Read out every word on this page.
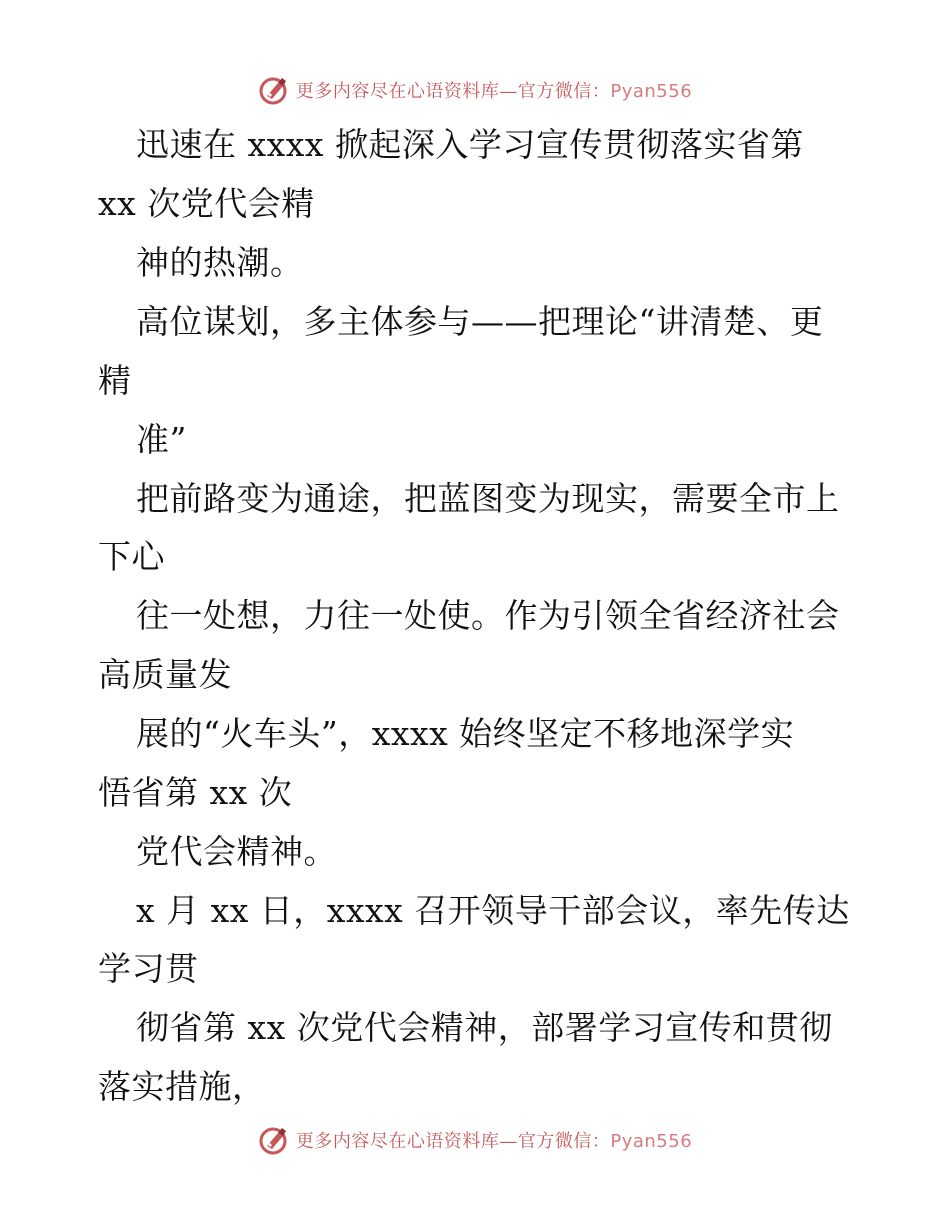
更多内容尽在心语资料库—官方微信：Pyan556
迅速在 xxxx 掀起深入学习宣传贯彻落实省第
xx 次党代会精
神的热潮。
高位谋划，多主体参与——把理论“讲清楚、更
精
准”
把前路变为通途，把蓝图变为现实，需要全市上
下心
往一处想，力往一处使。作为引领全省经济社会
高质量发
展的“火车头”，xxxx 始终坚定不移地深学实
悟省第 xx 次
党代会精神。
x 月 xx 日，xxxx 召开领导干部会议，率先传达
学习贯
彻省第 xx 次党代会精神，部署学习宣传和贯彻
落实措施，
更多内容尽在心语资料库—官方微信：Pyan556
